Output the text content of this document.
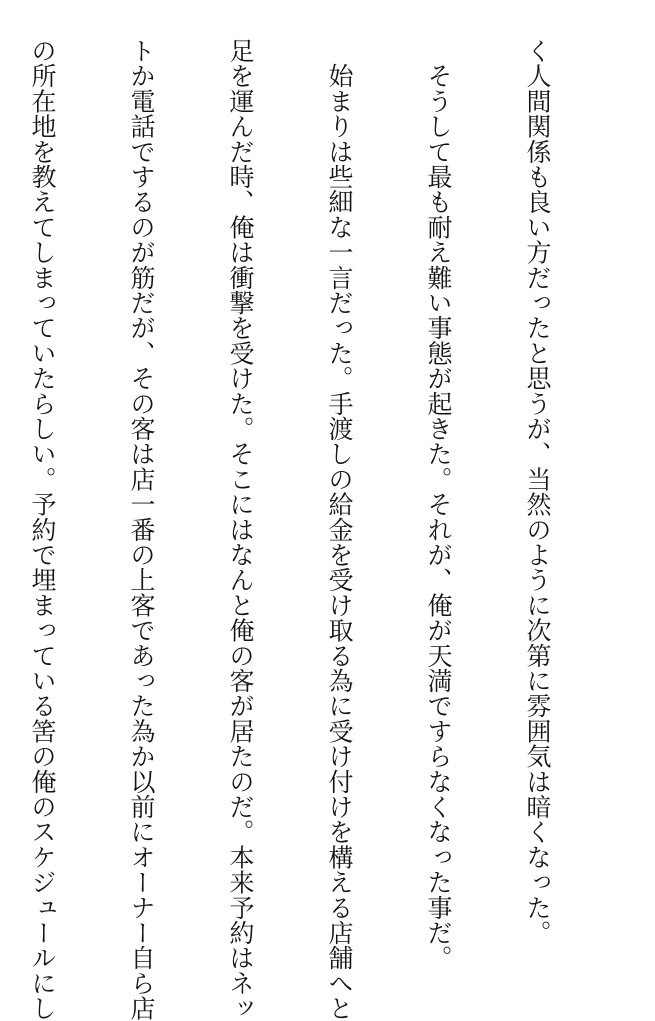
く人間関係も良い方だったと思うが、当然のように次第に雰囲気は暗くなった。

　そうして最も耐え難い事態が起きた。それが、俺が天満ですらなくなった事だ。

　始まりは些細な一言だった。手渡しの給金を受け取る為に受け付けを構える店舗へと

足を運んだ時、俺は衝撃を受けた。そこにはなんと俺の客が居たのだ。本来予約はネッ

トか電話でするのが筋だが、その客は店一番の上客であった為か以前にオーナー自ら店

の所在地を教えてしまっていたらしい。予約で埋まっている筈の俺のスケジュールにし
